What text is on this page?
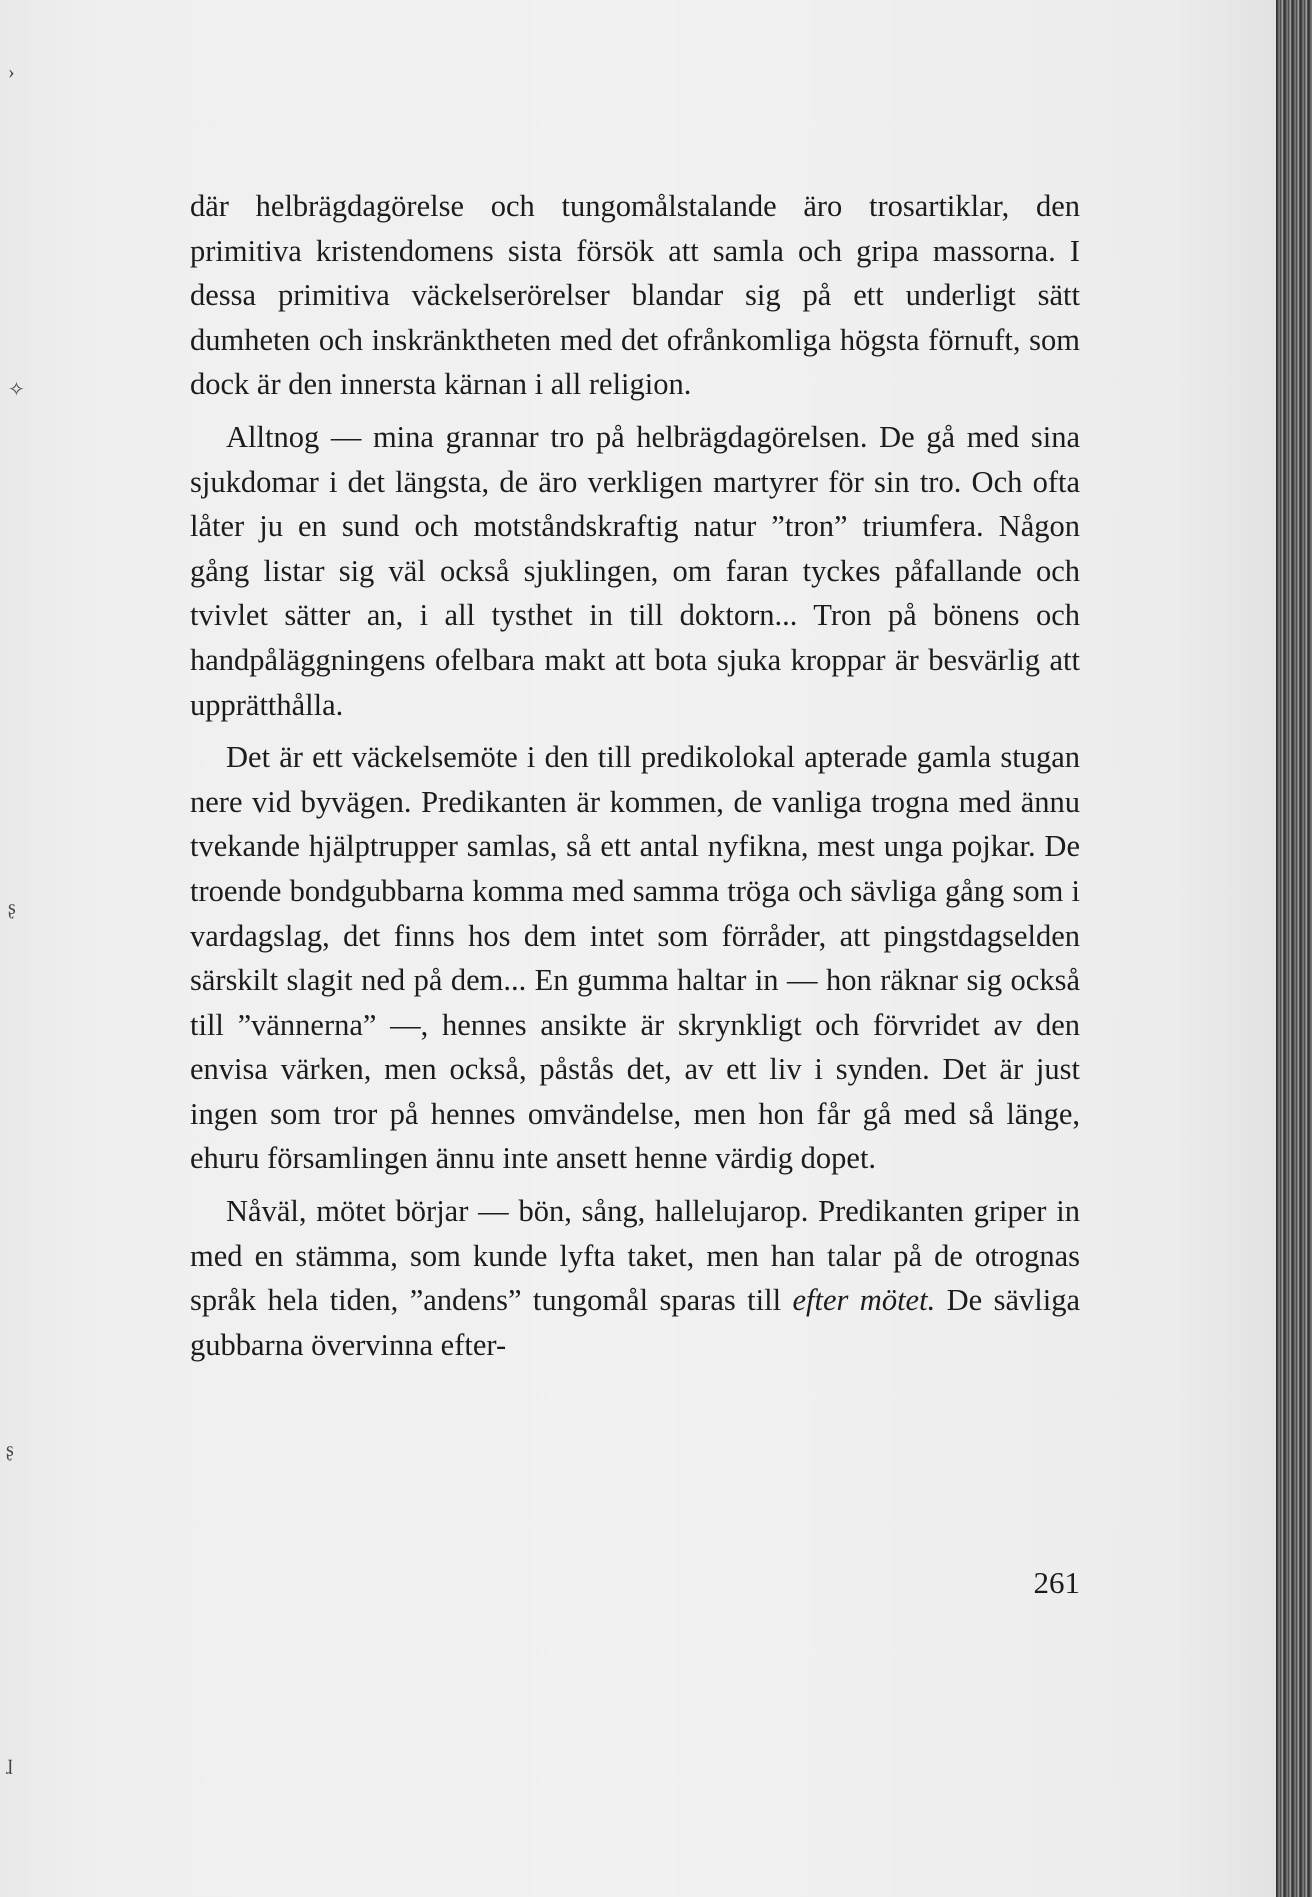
›
✧
ʂ
ʂ
ɺ

där helbrägdagörelse och tungomålstalande äro trosartiklar, den primitiva kristendomens sista försök att samla och gripa massorna. I dessa primitiva väckelserörelser blandar sig på ett underligt sätt dumheten och inskränktheten med det ofrånkomliga högsta förnuft, som dock är den innersta kärnan i all religion.

Alltnog — mina grannar tro på helbrägdagörelsen. De gå med sina sjukdomar i det längsta, de äro verkligen martyrer för sin tro. Och ofta låter ju en sund och motståndskraftig natur ”tron” triumfera. Någon gång listar sig väl också sjuklingen, om faran tyckes påfallande och tvivlet sätter an, i all tysthet in till doktorn... Tron på bönens och handpåläggningens ofelbara makt att bota sjuka kroppar är besvärlig att upprätthålla.

Det är ett väckelsemöte i den till predikolokal apterade gamla stugan nere vid byvägen. Predikanten är kommen, de vanliga trogna med ännu tvekande hjälptrupper samlas, så ett antal nyfikna, mest unga pojkar. De troende bondgubbarna komma med samma tröga och sävliga gång som i vardagslag, det finns hos dem intet som förråder, att pingstdagselden särskilt slagit ned på dem... En gumma haltar in — hon räknar sig också till ”vännerna” —, hennes ansikte är skrynkligt och förvridet av den envisa värken, men också, påstås det, av ett liv i synden. Det är just ingen som tror på hennes omvändelse, men hon får gå med så länge, ehuru församlingen ännu inte ansett henne värdig dopet.

Nåväl, mötet börjar — bön, sång, hallelujarop. Predikanten griper in med en stämma, som kunde lyfta taket, men han talar på de otrognas språk hela tiden, ”andens” tungomål sparas till efter mötet. De sävliga gubbarna övervinna efter-

261
